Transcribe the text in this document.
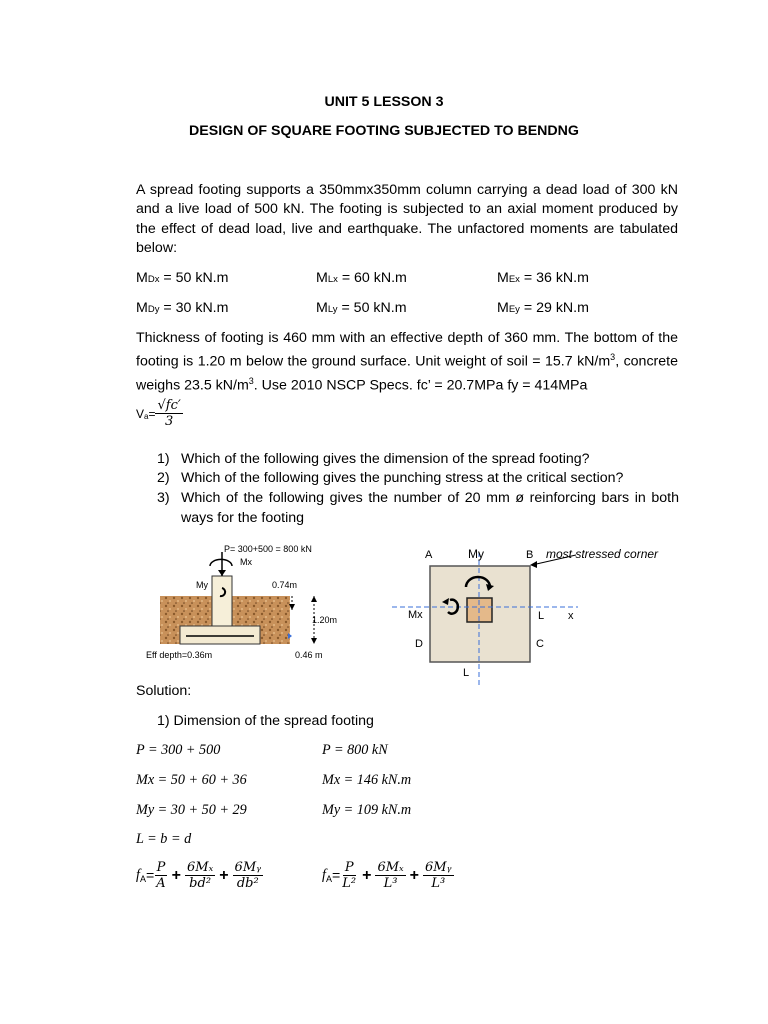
UNIT 5 LESSON 3
DESIGN OF SQUARE FOOTING SUBJECTED TO BENDNG
A spread footing supports a 350mmx350mm column carrying a dead load of 300 kN and a live load of 500 kN. The footing is subjected to an axial moment produced by the effect of dead load, live and earthquake. The unfactored moments are tabulated below:
MDx = 50 kN.m	MLx = 60 kN.m	MEx = 36 kN.m
MDy = 30 kN.m	MLy = 50 kN.m	MEy = 29 kN.m
Thickness of footing is 460 mm with an effective depth of 360 mm. The bottom of the footing is 1.20 m below the ground surface. Unit weight of soil = 15.7 $kN/m^3$, concrete weighs 23.5 $kN/m^3$. Use 2010 NSCP Specs. fc’ = 20.7MPa fy = 414MPa
V $a = \frac{√fc'}{3}$
1) Which of the following gives the dimension of the spread footing?
2) Which of the following gives the punching stress at the critical section?
3) Which of the following gives the number of 20 mm ø reinforcing bars in both ways for the footing
P= 300+500 = 800 kN
Mx
My	0.74m
1.20m
0.46 m
Eff depth=0.36m
A	B
C
D
My
Mx	L x
L
most stressed corner
Solution:
1) Dimension of the spread footing
P = 300 + 500	P = 800 kN
Mx = 50 + 60 + 36	Mx = 146 kN.m
My = 30 + 50 + 29	My = 109 kN.m
L = b = d
f $A = \frac{P}{A} + \frac{\text{6Mₓ}}{\text{bd²}} + \frac{\text{6Mᵧ}}{\text{db²}}$	f $A = \frac{P}{\text{L²}} + \frac{\text{6Mₓ}}{\text{L³}} + \frac{\text{6Mᵧ}}{\text{L³}}$
